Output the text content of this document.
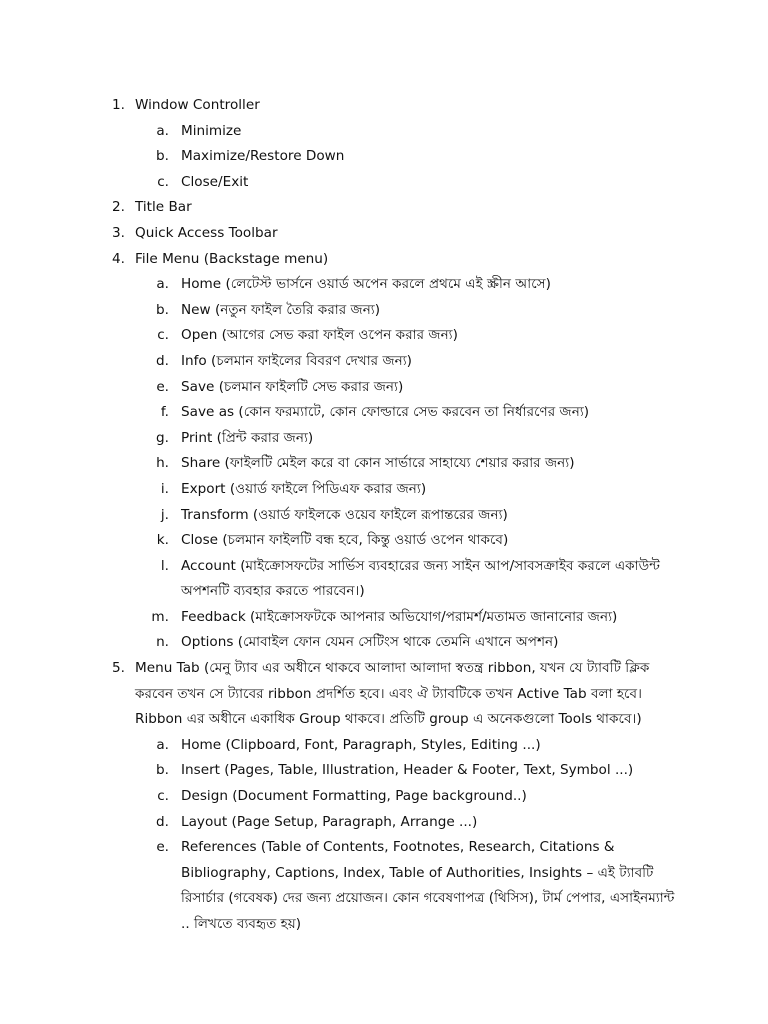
1. Window Controller
a. Minimize
b. Maximize/Restore Down
c. Close/Exit
2. Title Bar
3. Quick Access Toolbar
4. File Menu (Backstage menu)
a. Home (লেটেস্ট ভার্সনে ওয়ার্ড অপেন করলে প্রথমে এই স্ক্রীন আসে)
b. New (নতুন ফাইল তৈরি করার জন্য)
c. Open (আগের সেভ করা ফাইল ওপেন করার জন্য)
d. Info (চলমান ফাইলের বিবরণ দেখার জন্য)
e. Save (চলমান ফাইলটি সেভ করার জন্য)
f. Save as (কোন ফরম্যাটে, কোন ফোল্ডারে সেভ করবেন তা নির্ধারণের জন্য)
g. Print (প্রিন্ট করার জন্য)
h. Share (ফাইলটি মেইল করে বা কোন সার্ভারে সাহায্যে শেয়ার করার জন্য)
i. Export (ওয়ার্ড ফাইলে পিডিএফ করার জন্য)
j. Transform (ওয়ার্ড ফাইলকে ওয়েব ফাইলে রূপান্তরের জন্য)
k. Close (চলমান ফাইলটি বন্ধ হবে, কিন্তু ওয়ার্ড ওপেন থাকবে)
l. Account (মাইক্রোসফটের সার্ভিস ব্যবহারের জন্য সাইন আপ/সাবসক্রাইব করলে একাউন্ট অপশনটি ব্যবহার করতে পারবেন।)
m. Feedback (মাইক্রোসফটকে আপনার অভিযোগ/পরামর্শ/মতামত জানানোর জন্য)
n. Options (মোবাইল ফোন যেমন সেটিংস থাকে তেমনি এখানে অপশন)
5. Menu Tab (মেনু ট্যাব এর অধীনে থাকবে আলাদা আলাদা স্বতন্ত্র ribbon, যখন যে ট্যাবটি ক্লিক করবেন তখন সে ট্যাবের ribbon প্রদর্শিত হবে। এবং ঐ ট্যাবটিকে তখন Active Tab বলা হবে। Ribbon এর অধীনে একাধিক Group থাকবে। প্রতিটি group এ অনেকগুলো Tools থাকবে।)
a. Home (Clipboard, Font, Paragraph, Styles, Editing ...)
b. Insert (Pages, Table, Illustration, Header & Footer, Text, Symbol ...)
c. Design (Document Formatting, Page background..)
d. Layout (Page Setup, Paragraph, Arrange ...)
e. References (Table of Contents, Footnotes, Research, Citations & Bibliography, Captions, Index, Table of Authorities, Insights – এই ট্যাবটি রিসার্চার (গবেষক) দের জন্য প্রয়োজন। কোন গবেষণাপত্র (থিসিস), টার্ম পেপার, এসাইনম্যান্ট .. লিখতে ব্যবহৃত হয়)
